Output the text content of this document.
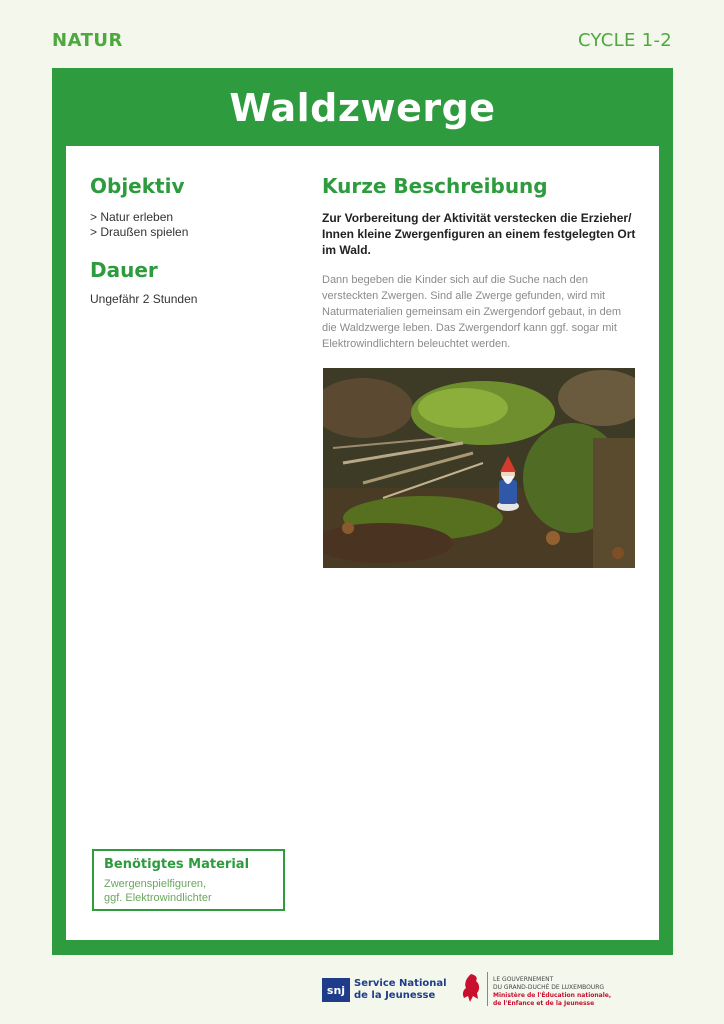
NATUR	CYCLE 1-2
Waldzwerge
Objektiv
> Natur erleben
> Draußen spielen
Dauer
Ungefähr 2 Stunden
Kurze Beschreibung
Zur Vorbereitung der Aktivität verstecken die Erzieher/ Innen kleine Zwergenfiguren an einem festgelegten Ort im Wald.
Dann begeben die Kinder sich auf die Suche nach den versteckten Zwergen. Sind alle Zwerge gefunden, wird mit Naturmaterialien gemeinsam ein Zwergendorf gebaut, in dem die Waldzwerge leben. Das Zwergendorf kann ggf. sogar mit Elektrowindlichtern beleuchtet werden.
Benötigtes Material
Zwergenspielfiguren,
ggf. Elektrowindlichter
snj
Service National
de la Jeunesse
LE GOUVERNEMENT
DU GRAND-DUCHÉ DE LUXEMBOURG
Ministère de l'Éducation nationale,
de l'Enfance et de la Jeunesse
